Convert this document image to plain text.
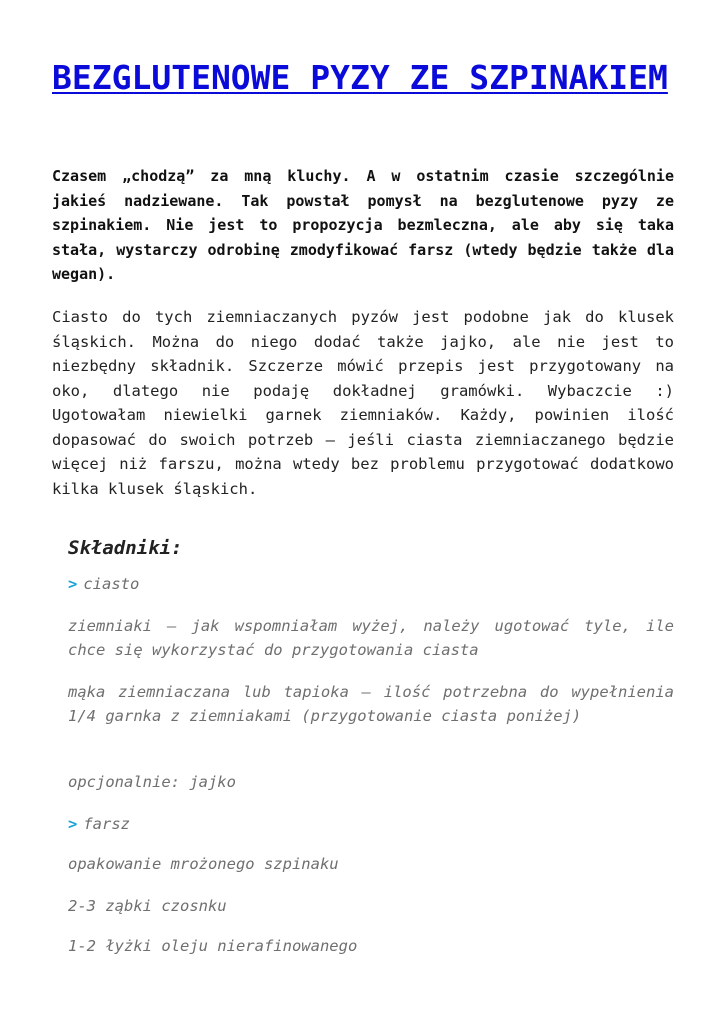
BEZGLUTENOWE PYZY ZE SZPINAKIEM

Czasem „chodzą” za mną kluchy. A w ostatnim czasie szczególnie jakieś nadziewane. Tak powstał pomysł na bezglutenowe pyzy ze szpinakiem. Nie jest to propozycja bezmleczna, ale aby się taka stała, wystarczy odrobinę zmodyfikować farsz (wtedy będzie także dla wegan).

Ciasto do tych ziemniaczanych pyzów jest podobne jak do klusek śląskich. Można do niego dodać także jajko, ale nie jest to niezbędny składnik. Szczerze mówić przepis jest przygotowany na oko, dlatego nie podaję dokładnej gramówki. Wybaczcie :) Ugotowałam niewielki garnek ziemniaków. Każdy, powinien ilość dopasować do swoich potrzeb – jeśli ciasta ziemniaczanego będzie więcej niż farszu, można wtedy bez problemu przygotować dodatkowo kilka klusek śląskich.

Składniki:

> ciasto

ziemniaki – jak wspomniałam wyżej, należy ugotować tyle, ile chce się wykorzystać do przygotowania ciasta

mąka ziemniaczana lub tapioka – ilość potrzebna do wypełnienia 1/4 garnka z ziemniakami (przygotowanie ciasta poniżej)

opcjonalnie: jajko

> farsz

opakowanie mrożonego szpinaku

2-3 ząbki czosnku

1-2 łyżki oleju nierafinowanego
